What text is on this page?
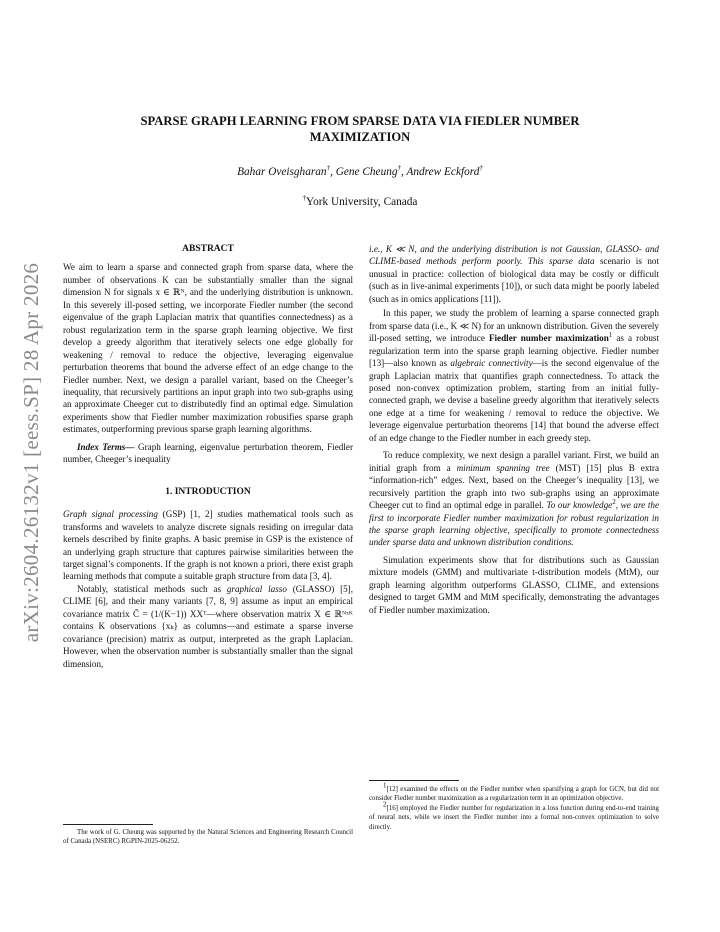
arXiv:2604.26132v1 [eess.SP] 28 Apr 2026
SPARSE GRAPH LEARNING FROM SPARSE DATA VIA FIEDLER NUMBER
MAXIMIZATION
Bahar Oveisgharan†, Gene Cheung†, Andrew Eckford†
†York University, Canada
ABSTRACT

We aim to learn a sparse and connected graph from sparse data, where the number of observations K can be substantially smaller than the signal dimension N for signals x ∈ ℝᴺ, and the underlying distribution is unknown. In this severely ill-posed setting, we incorporate Fiedler number (the second eigenvalue of the graph Laplacian matrix that quantifies connectedness) as a robust regularization term in the sparse graph learning objective. We first develop a greedy algorithm that iteratively selects one edge globally for weakening / removal to reduce the objective, leveraging eigenvalue perturbation theorems that bound the adverse effect of an edge change to the Fiedler number. Next, we design a parallel variant, based on the Cheeger’s inequality, that recursively partitions an input graph into two sub-graphs using an approximate Cheeger cut to distributedly find an optimal edge. Simulation experiments show that Fiedler number maximization robusifies sparse graph estimates, outperforming previous sparse graph learning algorithms.

Index Terms— Graph learning, eigenvalue perturbation theorem, Fiedler number, Cheeger’s inequality

1. INTRODUCTION

Graph signal processing (GSP) [1, 2] studies mathematical tools such as transforms and wavelets to analyze discrete signals residing on irregular data kernels described by finite graphs. A basic premise in GSP is the existence of an underlying graph structure that captures pairwise similarities between the target signal’s components. If the graph is not known a priori, there exist graph learning methods that compute a suitable graph structure from data [3, 4].

Notably, statistical methods such as graphical lasso (GLASSO) [5], CLIME [6], and their many variants [7, 8, 9] assume as input an empirical covariance matrix C̄ = (1/(K−1)) XXᵀ—where observation matrix X ∈ ℝᴺˣᴷ contains K observations {xₖ} as columns—and estimate a sparse inverse covariance (precision) matrix as output, interpreted as the graph Laplacian. However, when the observation number is substantially smaller than the signal dimension,

The work of G. Cheung was supported by the Natural Sciences and Engineering Research Council of Canada (NSERC) RGPIN-2025-06252.

i.e., K ≪ N, and the underlying distribution is not Gaussian, GLASSO- and CLIME-based methods perform poorly. This sparse data scenario is not unusual in practice: collection of biological data may be costly or difficult (such as in live-animal experiments [10]), or such data might be poorly labeled (such as in omics applications [11]).

In this paper, we study the problem of learning a sparse connected graph from sparse data (i.e., K ≪ N) for an unknown distribution. Given the severely ill-posed setting, we introduce Fiedler number maximization$^1$ as a robust regularization term into the sparse graph learning objective. Fiedler number [13]—also known as algebraic connectivity—is the second eigenvalue of the graph Laplacian matrix that quantifies graph connectedness. To attack the posed non-convex optimization problem, starting from an initial fully-connected graph, we devise a baseline greedy algorithm that iteratively selects one edge at a time for weakening / removal to reduce the objective. We leverage eigenvalue perturbation theorems [14] that bound the adverse effect of an edge change to the Fiedler number in each greedy step.

To reduce complexity, we next design a parallel variant. First, we build an initial graph from a minimum spanning tree (MST) [15] plus B extra “information-rich” edges. Next, based on the Cheeger’s inequality [13], we recursively partition the graph into two sub-graphs using an approximate Cheeger cut to find an optimal edge in parallel. To our knowledge$^2$, we are the first to incorporate Fiedler number maximization for robust regularization in the sparse graph learning objective, specifically to promote connectedness under sparse data and unknown distribution conditions.

Simulation experiments show that for distributions such as Gaussian mixture models (GMM) and multivariate t-distribution models (MtM), our graph learning algorithm outperforms GLASSO, CLIME, and extensions designed to target GMM and MtM specifically, demonstrating the advantages of Fiedler number maximization.

$^1$[12] examined the effects on the Fiedler number when sparsifying a graph for GCN, but did not consider Fiedler number maximization as a regularization term in an optimization objective.

$^2$[16] employed the Fiedler number for regularization in a loss function during end-to-end training of neural nets, while we insert the Fiedler number into a formal non-convex optimization to solve directly.
